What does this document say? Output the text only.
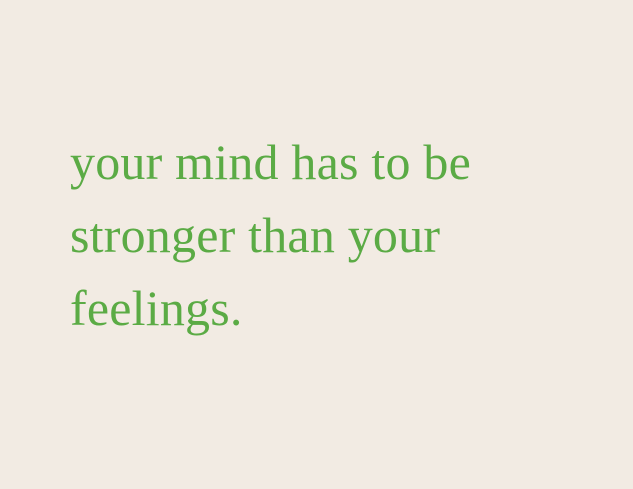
your mind has to be
stronger than your
feelings.
